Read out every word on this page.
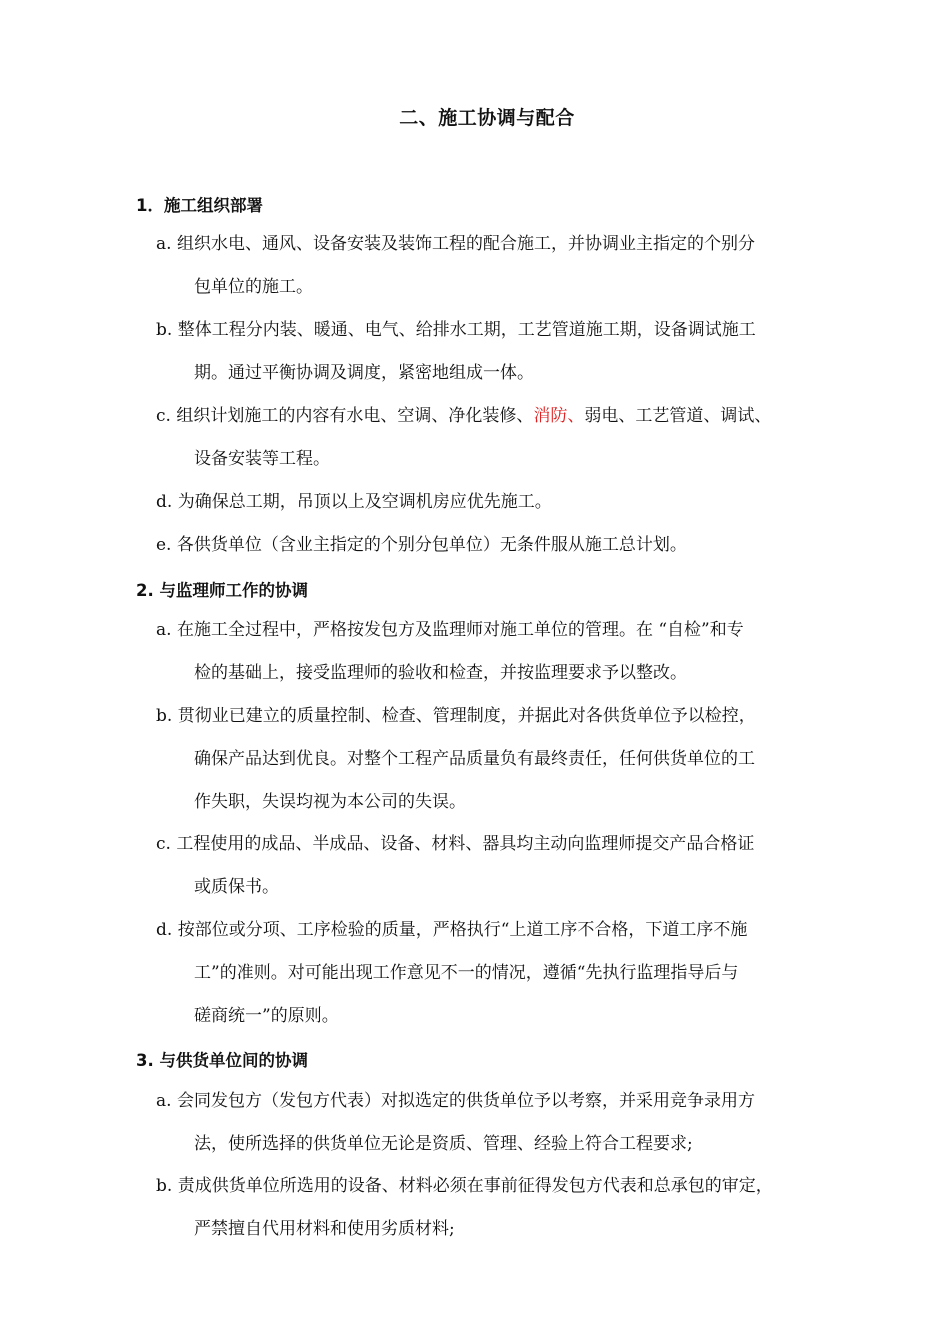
二、施工协调与配合
1．施工组织部署
a. 组织水电、通风、设备安装及装饰工程的配合施工，并协调业主指定的个别分
包单位的施工。
b. 整体工程分内装、暖通、电气、给排水工期，工艺管道施工期，设备调试施工
期。通过平衡协调及调度，紧密地组成一体。
c. 组织计划施工的内容有水电、空调、净化装修、消防、弱电、工艺管道、调试、
设备安装等工程。
d. 为确保总工期，吊顶以上及空调机房应优先施工。
e. 各供货单位（含业主指定的个别分包单位）无条件服从施工总计划。
2. 与监理师工作的协调
a. 在施工全过程中，严格按发包方及监理师对施工单位的管理。在 “自检”和专
检的基础上，接受监理师的验收和检查，并按监理要求予以整改。
b. 贯彻业已建立的质量控制、检查、管理制度，并据此对各供货单位予以检控，
确保产品达到优良。对整个工程产品质量负有最终责任，任何供货单位的工
作失职，失误均视为本公司的失误。
c. 工程使用的成品、半成品、设备、材料、器具均主动向监理师提交产品合格证
或质保书。
d. 按部位或分项、工序检验的质量，严格执行“上道工序不合格，下道工序不施
工”的准则。对可能出现工作意见不一的情况，遵循“先执行监理指导后与
磋商统一”的原则。
3. 与供货单位间的协调
a. 会同发包方（发包方代表）对拟选定的供货单位予以考察，并采用竞争录用方
法，使所选择的供货单位无论是资质、管理、经验上符合工程要求;
b. 责成供货单位所选用的设备、材料必须在事前征得发包方代表和总承包的审定，
严禁擅自代用材料和使用劣质材料;
